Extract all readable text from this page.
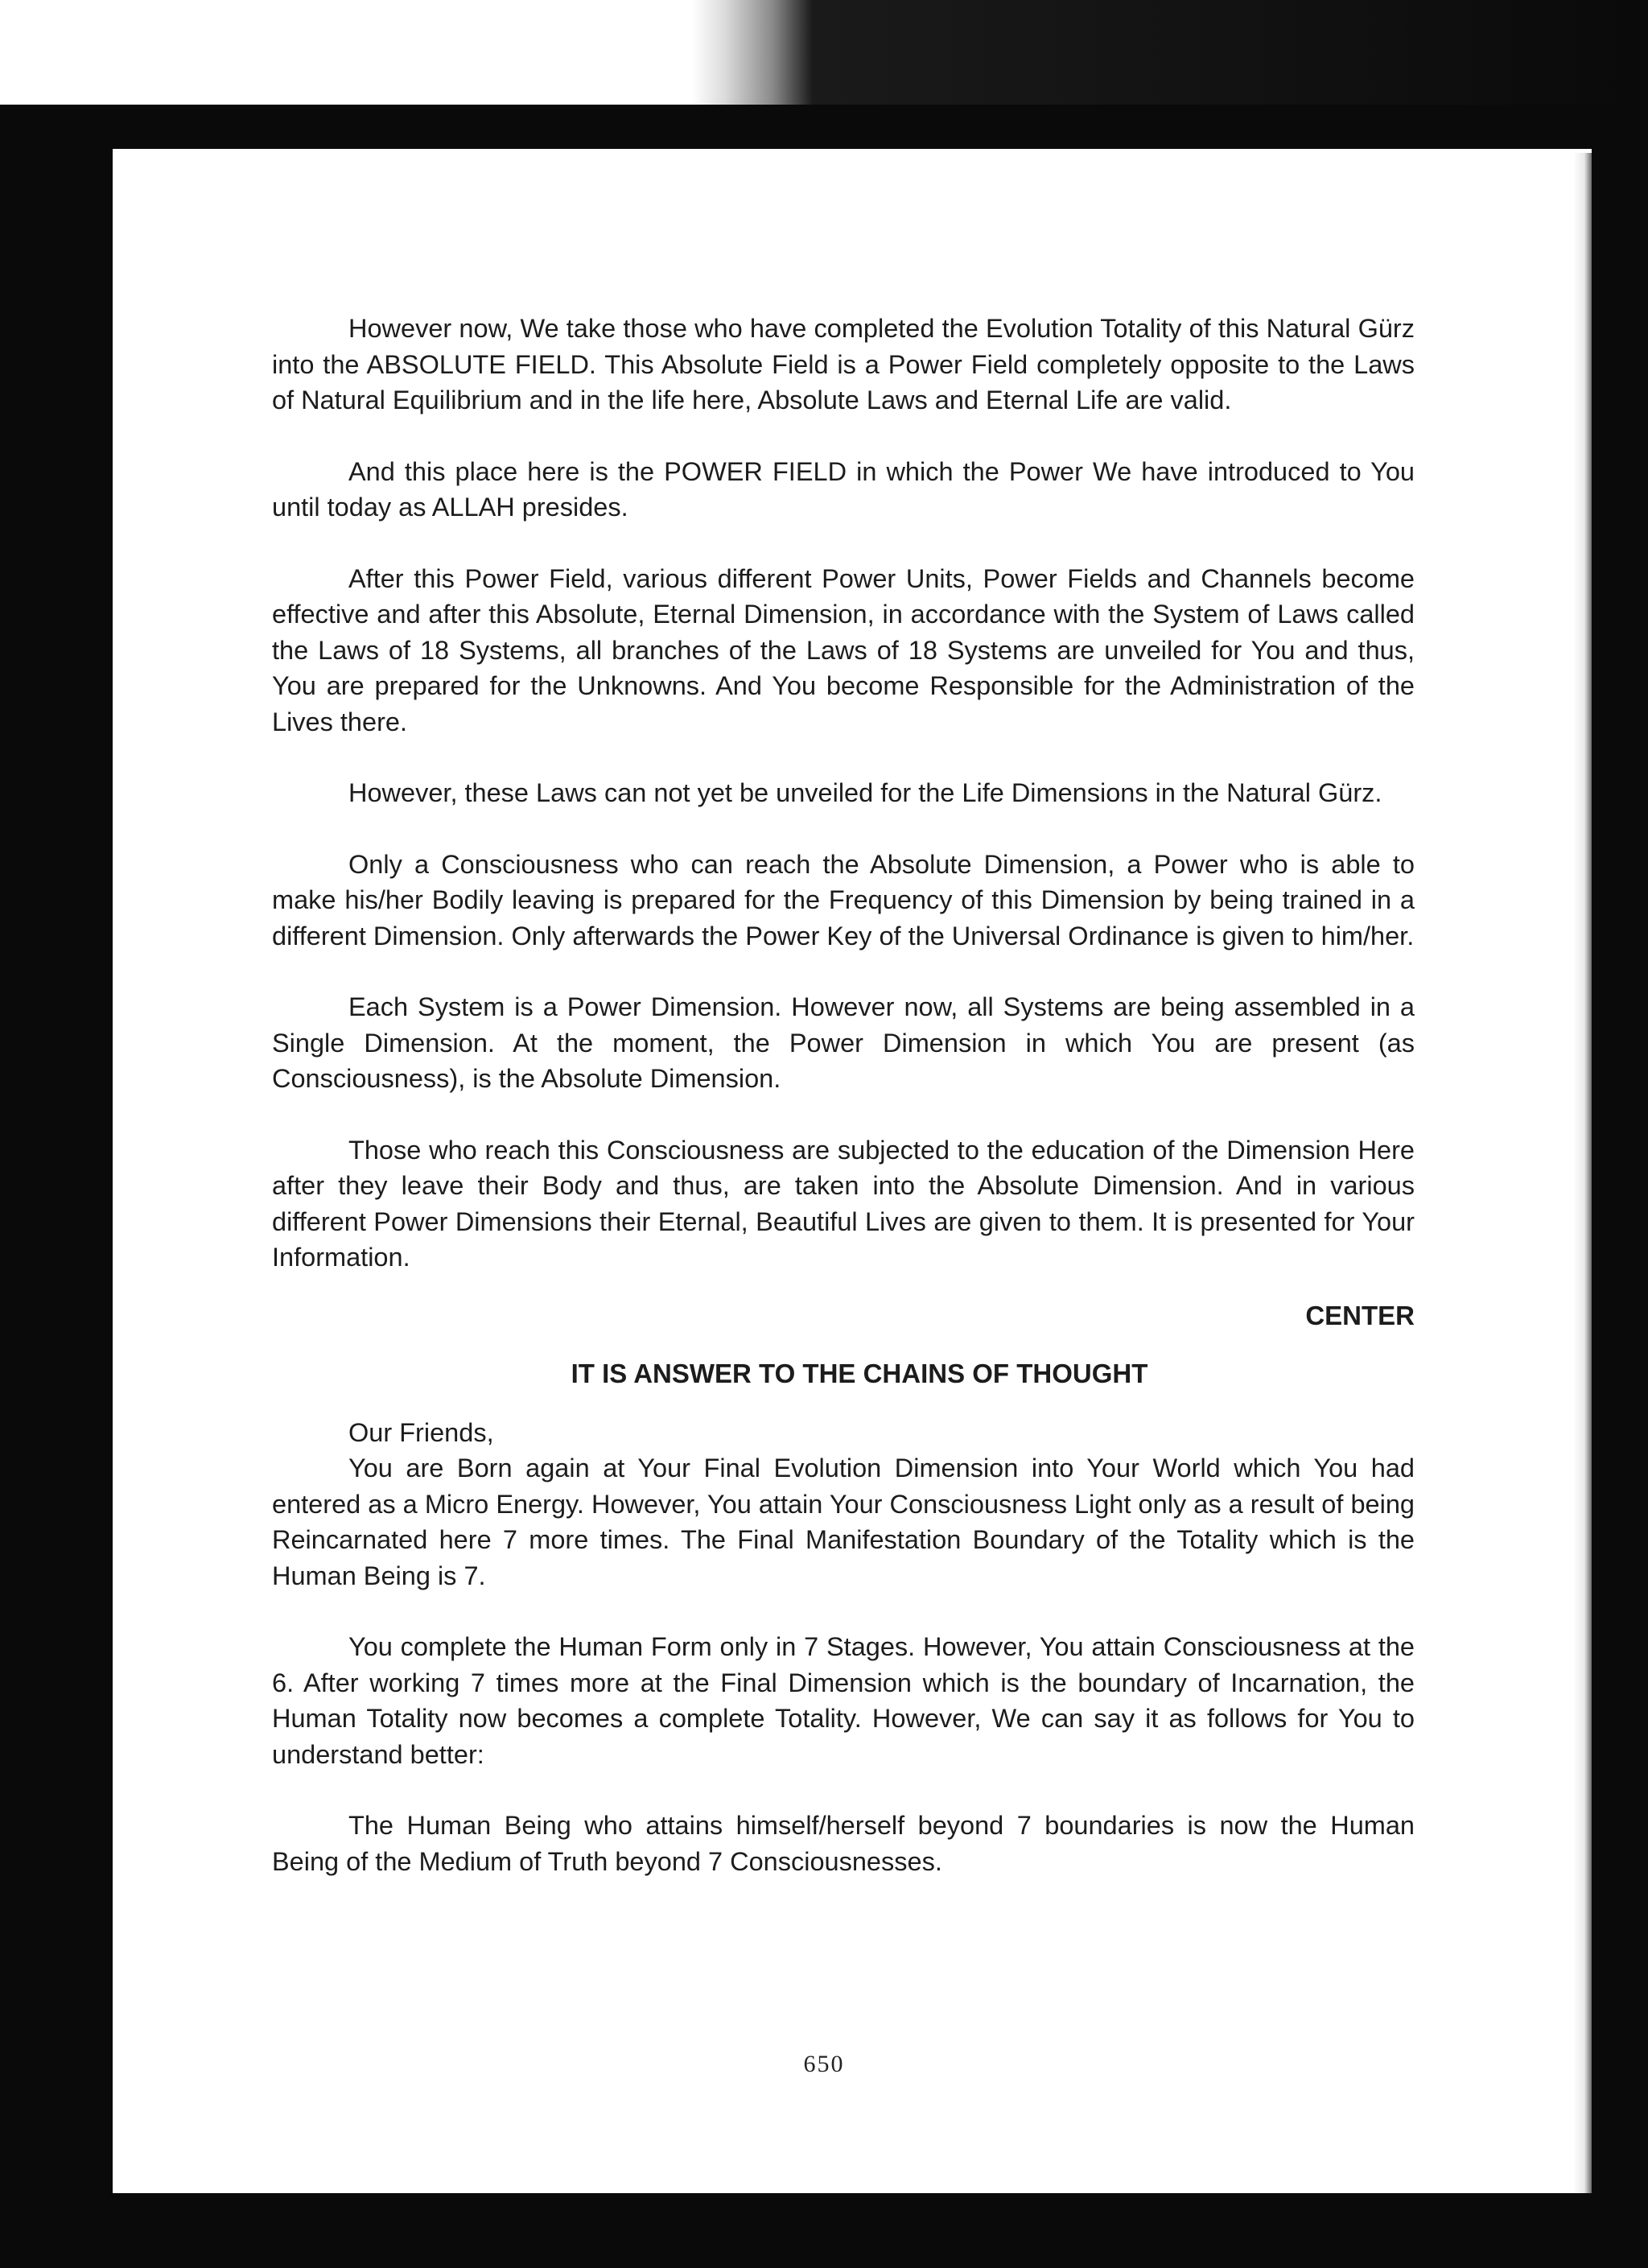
However now, We take those who have completed the Evolution Totality of this Natural Gürz into the ABSOLUTE FIELD. This Absolute Field is a Power Field completely opposite to the Laws of Natural Equilibrium and in the life here, Absolute Laws and Eternal Life are valid.

And this place here is the POWER FIELD in which the Power We have introduced to You until today as ALLAH presides.

After this Power Field, various different Power Units, Power Fields and Channels become effective and after this Absolute, Eternal Dimension, in accordance with the System of Laws called the Laws of 18 Systems, all branches of the Laws of 18 Systems are unveiled for You and thus, You are prepared for the Unknowns. And You become Responsible for the Administration of the Lives there.

However, these Laws can not yet be unveiled for the Life Dimensions in the Natural Gürz.

Only a Consciousness who can reach the Absolute Dimension, a Power who is able to make his/her Bodily leaving is prepared for the Frequency of this Dimension by being trained in a different Dimension. Only afterwards the Power Key of the Universal Ordinance is given to him/her.

Each System is a Power Dimension. However now, all Systems are being assembled in a Single Dimension. At the moment, the Power Dimension in which You are present (as Consciousness), is the Absolute Dimension.

Those who reach this Consciousness are subjected to the education of the Dimension Here after they leave their Body and thus, are taken into the Absolute Dimension. And in various different Power Dimensions their Eternal, Beautiful Lives are given to them. It is presented for Your Information.

CENTER

IT IS ANSWER TO THE CHAINS OF THOUGHT

Our Friends,

You are Born again at Your Final Evolution Dimension into Your World which You had entered as a Micro Energy. However, You attain Your Consciousness Light only as a result of being Reincarnated here 7 more times. The Final Manifestation Boundary of the Totality which is the Human Being is 7.

You complete the Human Form only in 7 Stages. However, You attain Consciousness at the 6. After working 7 times more at the Final Dimension which is the boundary of Incarnation, the Human Totality now becomes a complete Totality. However, We can say it as follows for You to understand better:

The Human Being who attains himself/herself beyond 7 boundaries is now the Human Being of the Medium of Truth beyond 7 Consciousnesses.

650
